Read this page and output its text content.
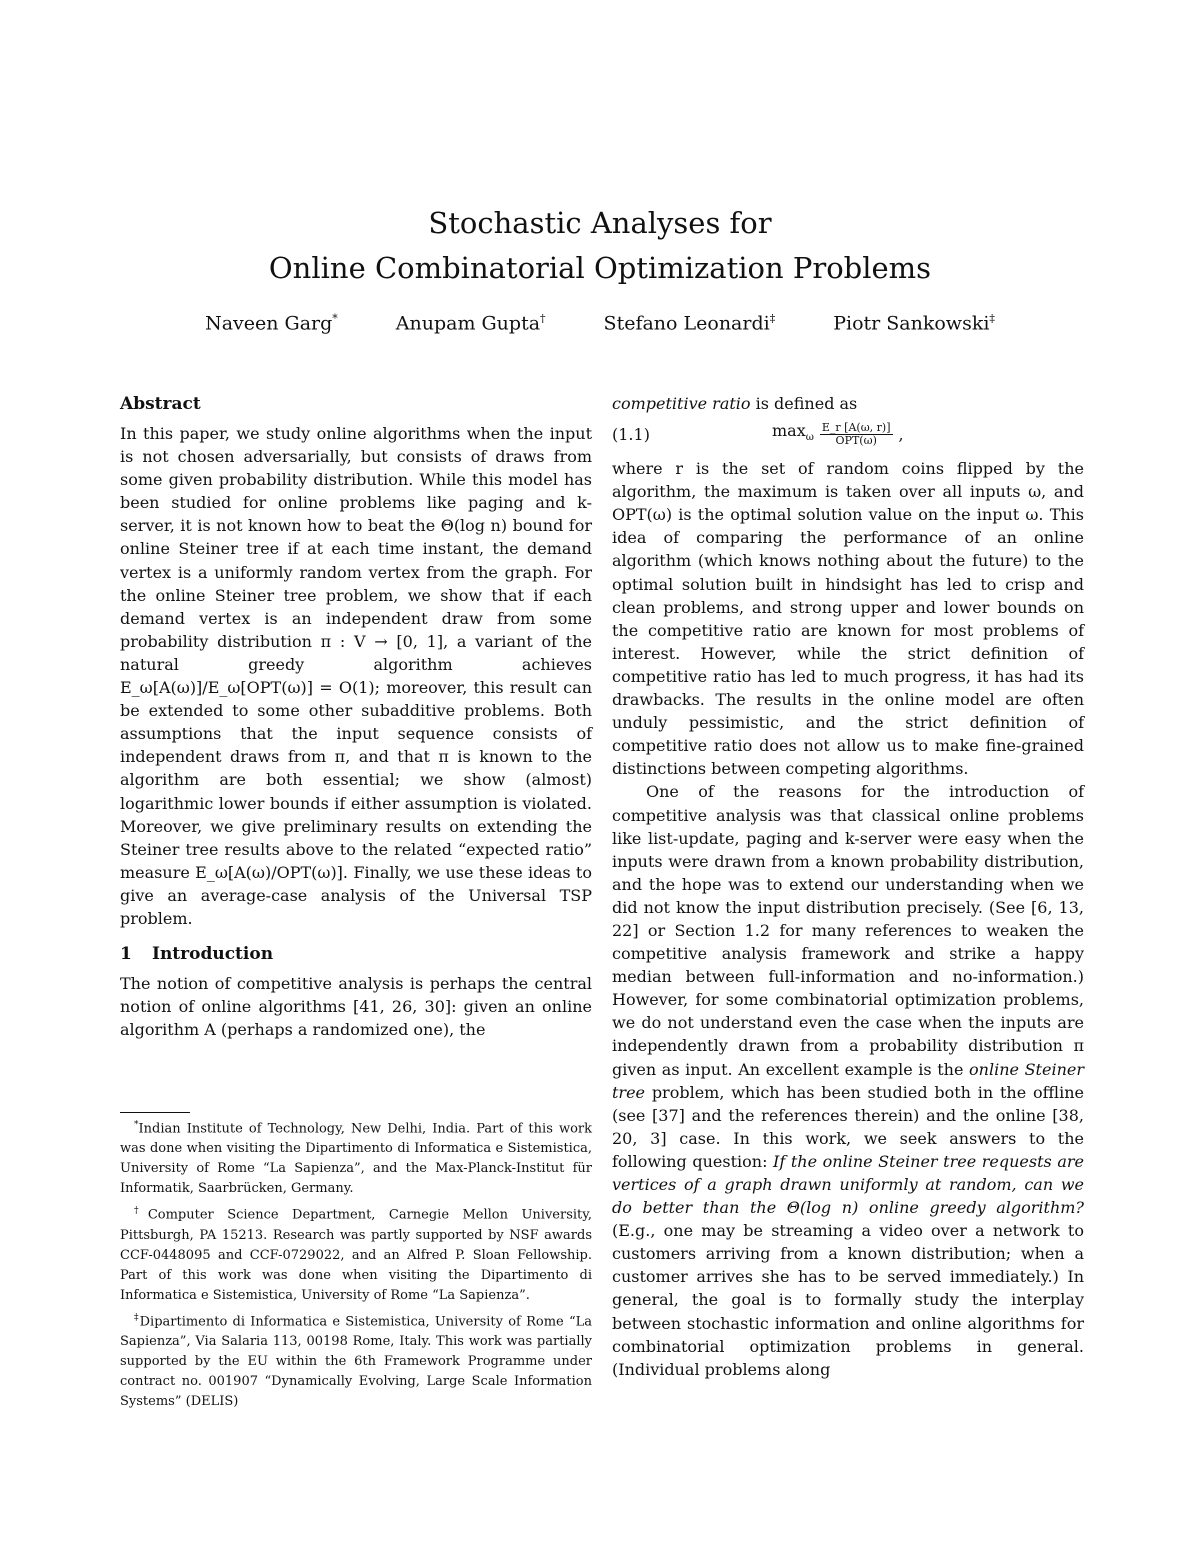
Stochastic Analyses for
Online Combinatorial Optimization Problems
Naveen Garg*	Anupam Gupta†	Stefano Leonardi‡	Piotr Sankowski‡

Abstract

In this paper, we study online algorithms when the input is not chosen adversarially, but consists of draws from some given probability distribution. While this model has been studied for online problems like paging and k-server, it is not known how to beat the Θ(log n) bound for online Steiner tree if at each time instant, the demand vertex is a uniformly random vertex from the graph. For the online Steiner tree problem, we show that if each demand vertex is an independent draw from some probability distribution π : V → [0, 1], a variant of the natural greedy algorithm achieves E_ω[A(ω)]/E_ω[OPT(ω)] = O(1); moreover, this result can be extended to some other subadditive problems. Both assumptions that the input sequence consists of independent draws from π, and that π is known to the algorithm are both essential; we show (almost) logarithmic lower bounds if either assumption is violated. Moreover, we give preliminary results on extending the Steiner tree results above to the related “expected ratio” measure E_ω[A(ω)/OPT(ω)]. Finally, we use these ideas to give an average-case analysis of the Universal TSP problem.

1 Introduction

The notion of competitive analysis is perhaps the central notion of online algorithms [41, 26, 30]: given an online algorithm A (perhaps a randomized one), the

*Indian Institute of Technology, New Delhi, India. Part of this work was done when visiting the Dipartimento di Informatica e Sistemistica, University of Rome “La Sapienza”, and the Max-Planck-Institut für Informatik, Saarbrücken, Germany.

†Computer Science Department, Carnegie Mellon University, Pittsburgh, PA 15213. Research was partly supported by NSF awards CCF-0448095 and CCF-0729022, and an Alfred P. Sloan Fellowship. Part of this work was done when visiting the Dipartimento di Informatica e Sistemistica, University of Rome “La Sapienza”.

‡Dipartimento di Informatica e Sistemistica, University of Rome “La Sapienza”, Via Salaria 113, 00198 Rome, Italy. This work was partially supported by the EU within the 6th Framework Programme under contract no. 001907 “Dynamically Evolving, Large Scale Information Systems” (DELIS)

competitive ratio is defined as

(1.1)	$\max_\omega \frac{E\_r [A(\omega, r)]}{\text{OPT(ω)}}$ ,

where r is the set of random coins flipped by the algorithm, the maximum is taken over all inputs ω, and OPT(ω) is the optimal solution value on the input ω. This idea of comparing the performance of an online algorithm (which knows nothing about the future) to the optimal solution built in hindsight has led to crisp and clean problems, and strong upper and lower bounds on the competitive ratio are known for most problems of interest. However, while the strict definition of competitive ratio has led to much progress, it has had its drawbacks. The results in the online model are often unduly pessimistic, and the strict definition of competitive ratio does not allow us to make fine-grained distinctions between competing algorithms.

One of the reasons for the introduction of competitive analysis was that classical online problems like list-update, paging and k-server were easy when the inputs were drawn from a known probability distribution, and the hope was to extend our understanding when we did not know the input distribution precisely. (See [6, 13, 22] or Section 1.2 for many references to weaken the competitive analysis framework and strike a happy median between full-information and no-information.) However, for some combinatorial optimization problems, we do not understand even the case when the inputs are independently drawn from a probability distribution π given as input. An excellent example is the online Steiner tree problem, which has been studied both in the offline (see [37] and the references therein) and the online [38, 20, 3] case. In this work, we seek answers to the following question: If the online Steiner tree requests are vertices of a graph drawn uniformly at random, can we do better than the Θ(log n) online greedy algorithm? (E.g., one may be streaming a video over a network to customers arriving from a known distribution; when a customer arrives she has to be served immediately.) In general, the goal is to formally study the interplay between stochastic information and online algorithms for combinatorial optimization problems in general. (Individual problems along
